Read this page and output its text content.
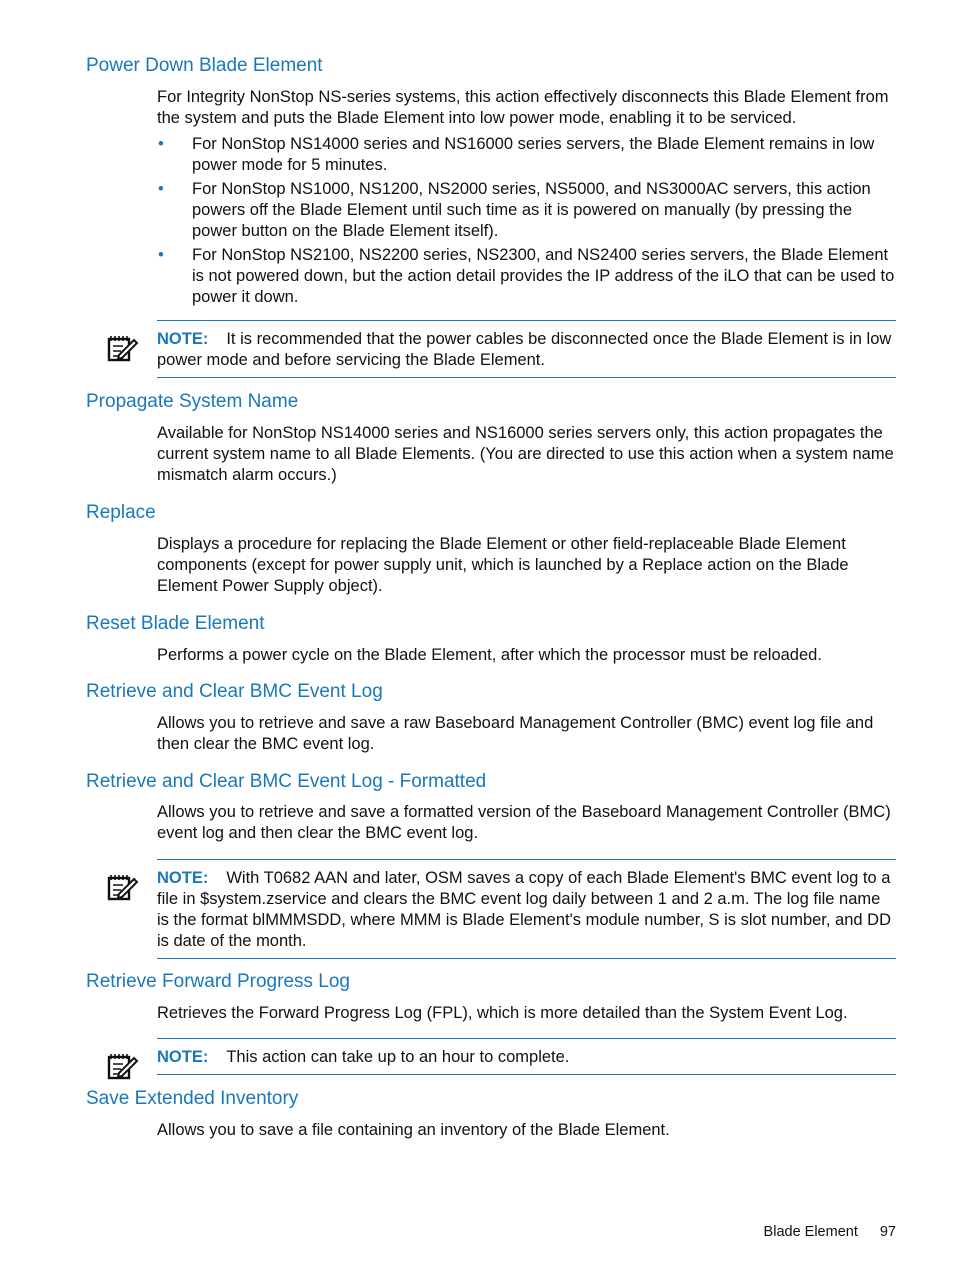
Power Down Blade Element

For Integrity NonStop NS-series systems, this action effectively disconnects this Blade Element from the system and puts the Blade Element into low power mode, enabling it to be serviced.

• For NonStop NS14000 series and NS16000 series servers, the Blade Element remains in low power mode for 5 minutes.
• For NonStop NS1000, NS1200, NS2000 series, NS5000, and NS3000AC servers, this action powers off the Blade Element until such time as it is powered on manually (by pressing the power button on the Blade Element itself).
• For NonStop NS2100, NS2200 series, NS2300, and NS2400 series servers, the Blade Element is not powered down, but the action detail provides the IP address of the iLO that can be used to power it down.
NOTE: It is recommended that the power cables be disconnected once the Blade Element is in low power mode and before servicing the Blade Element.
Propagate System Name

Available for NonStop NS14000 series and NS16000 series servers only, this action propagates the current system name to all Blade Elements. (You are directed to use this action when a system name mismatch alarm occurs.)

Replace

Displays a procedure for replacing the Blade Element or other field-replaceable Blade Element components (except for power supply unit, which is launched by a Replace action on the Blade Element Power Supply object).

Reset Blade Element

Performs a power cycle on the Blade Element, after which the processor must be reloaded.

Retrieve and Clear BMC Event Log

Allows you to retrieve and save a raw Baseboard Management Controller (BMC) event log file and then clear the BMC event log.

Retrieve and Clear BMC Event Log - Formatted

Allows you to retrieve and save a formatted version of the Baseboard Management Controller (BMC) event log and then clear the BMC event log.

NOTE: With T0682 AAN and later, OSM saves a copy of each Blade Element's BMC event log to a file in $system.zservice and clears the BMC event log daily between 1 and 2 a.m. The log file name is the format blMMMSDD, where MMM is Blade Element's module number, S is slot number, and DD is date of the month.
Retrieve Forward Progress Log

Retrieves the Forward Progress Log (FPL), which is more detailed than the System Event Log.

NOTE: This action can take up to an hour to complete.
Save Extended Inventory

Allows you to save a file containing an inventory of the Blade Element.

Blade Element 97
